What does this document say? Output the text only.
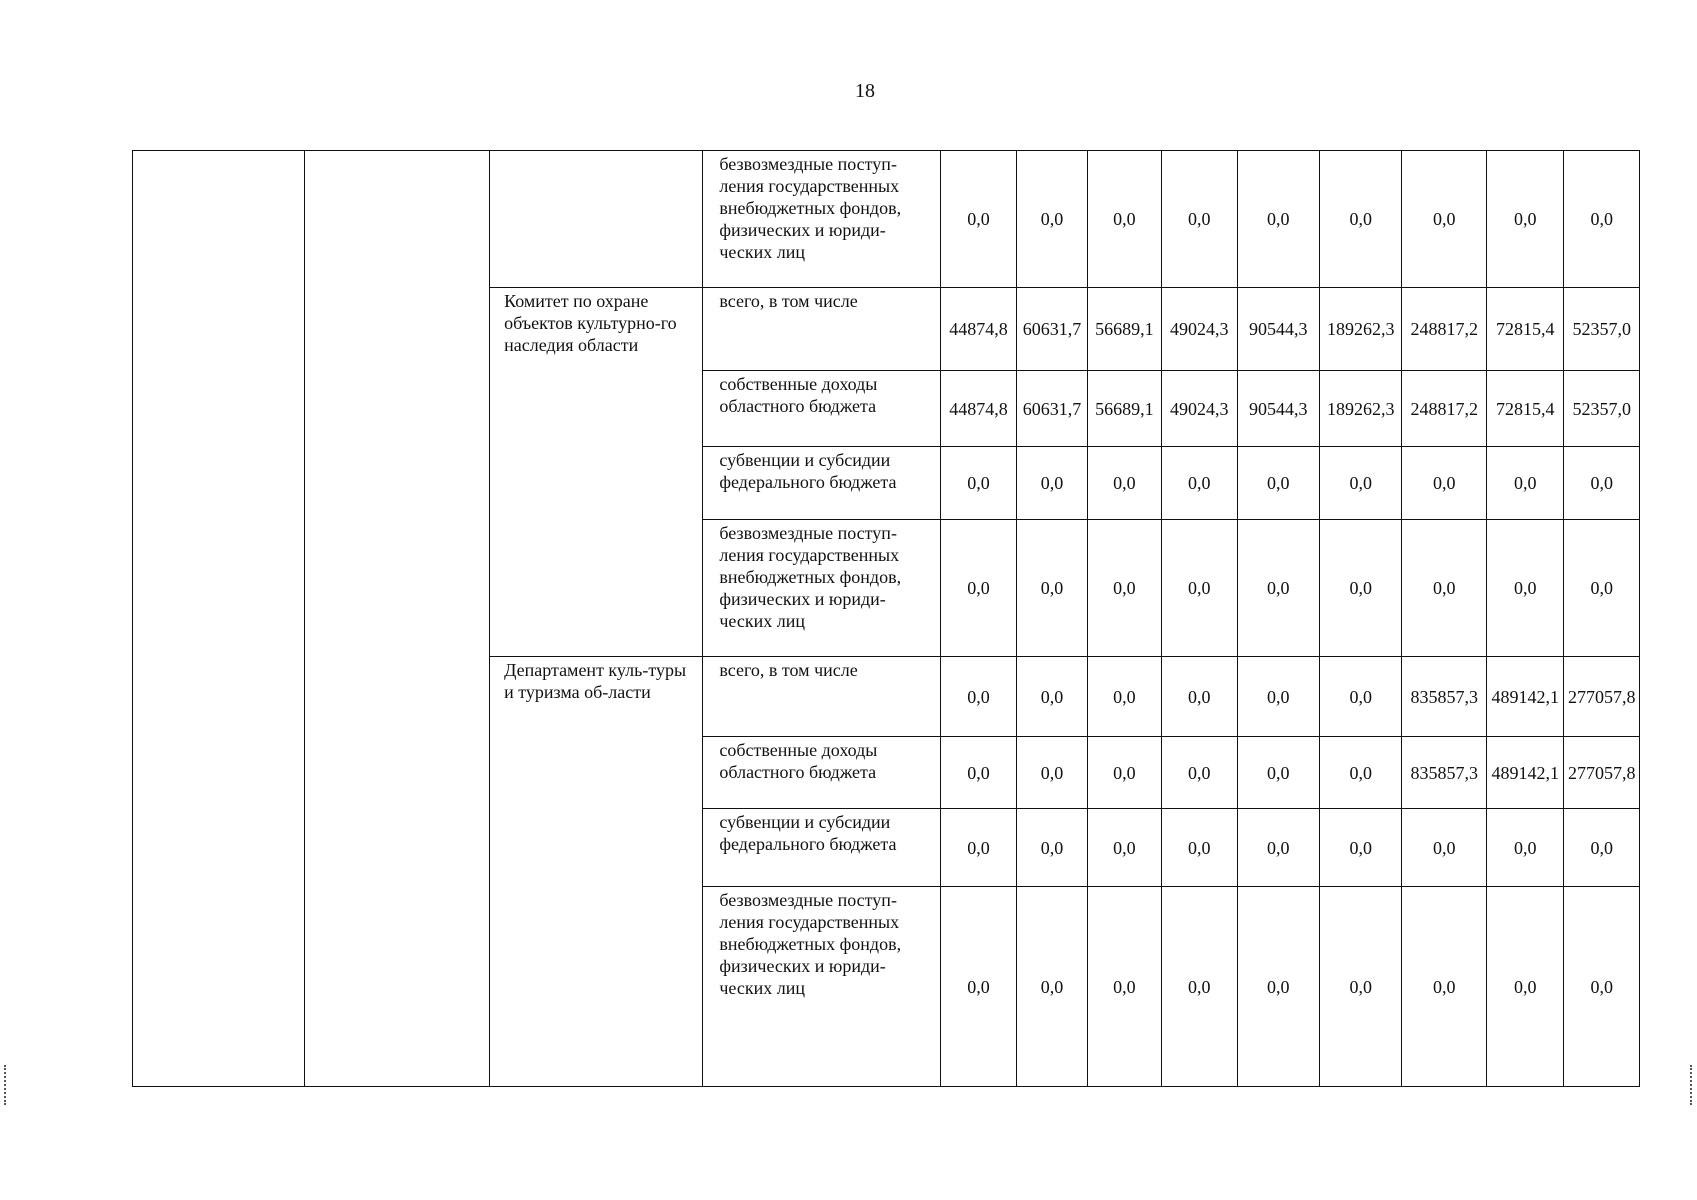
18
			безвозмездные поступ-ления государственных внебюджетных фондов, физических и юриди-ческих лиц	0,0	0,0	0,0	0,0	0,0	0,0	0,0	0,0	0,0
		Комитет по охране объектов культурно-го наследия области	всего, в том числе	44874,8	60631,7	56689,1	49024,3	90544,3	189262,3	248817,2	72815,4	52357,0
			собственные доходы областного бюджета	44874,8	60631,7	56689,1	49024,3	90544,3	189262,3	248817,2	72815,4	52357,0
			субвенции и субсидии федерального бюджета	0,0	0,0	0,0	0,0	0,0	0,0	0,0	0,0	0,0
			безвозмездные поступ-ления государственных внебюджетных фондов, физических и юриди-ческих лиц	0,0	0,0	0,0	0,0	0,0	0,0	0,0	0,0	0,0
		Департамент куль-туры и туризма об-ласти	всего, в том числе	0,0	0,0	0,0	0,0	0,0	0,0	835857,3	489142,1	277057,8
			собственные доходы областного бюджета	0,0	0,0	0,0	0,0	0,0	0,0	835857,3	489142,1	277057,8
			субвенции и субсидии федерального бюджета	0,0	0,0	0,0	0,0	0,0	0,0	0,0	0,0	0,0
			безвозмездные поступ-ления государственных внебюджетных фондов, физических и юриди-ческих лиц	0,0	0,0	0,0	0,0	0,0	0,0	0,0	0,0	0,0
